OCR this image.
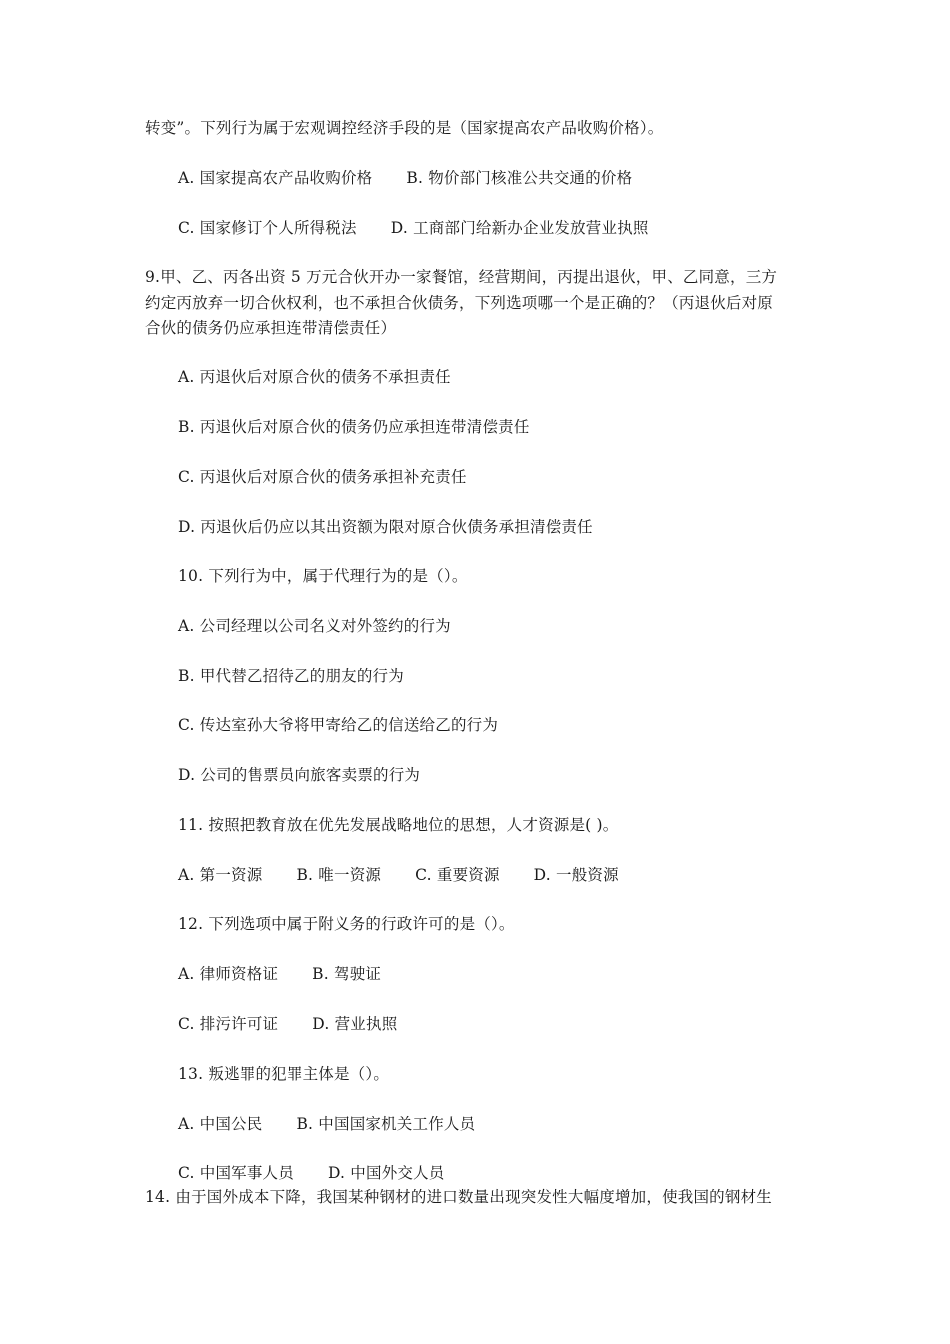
转变”。下列行为属于宏观调控经济手段的是（国家提高农产品收购价格）。

A. 国家提高农产品收购价格 B. 物价部门核准公共交通的价格

C. 国家修订个人所得税法 D. 工商部门给新办企业发放营业执照

9.甲、乙、丙各出资 5 万元合伙开办一家餐馆，经营期间，丙提出退伙，甲、乙同意，三方

约定丙放弃一切合伙权利，也不承担合伙债务，下列选项哪一个是正确的？（丙退伙后对原

合伙的债务仍应承担连带清偿责任）

A. 丙退伙后对原合伙的债务不承担责任

B. 丙退伙后对原合伙的债务仍应承担连带清偿责任

C. 丙退伙后对原合伙的债务承担补充责任

D. 丙退伙后仍应以其出资额为限对原合伙债务承担清偿责任

10. 下列行为中，属于代理行为的是（）。

A. 公司经理以公司名义对外签约的行为

B. 甲代替乙招待乙的朋友的行为

C. 传达室孙大爷将甲寄给乙的信送给乙的行为

D. 公司的售票员向旅客卖票的行为

11. 按照把教育放在优先发展战略地位的思想，人才资源是( )。

A. 第一资源 B. 唯一资源 C. 重要资源 D. 一般资源

12. 下列选项中属于附义务的行政许可的是（）。

A. 律师资格证 B. 驾驶证

C. 排污许可证 D. 营业执照

13. 叛逃罪的犯罪主体是（）。

A. 中国公民 B. 中国国家机关工作人员

C. 中国军事人员 D. 中国外交人员

14. 由于国外成本下降，我国某种钢材的进口数量出现突发性大幅度增加，使我国的钢材生
